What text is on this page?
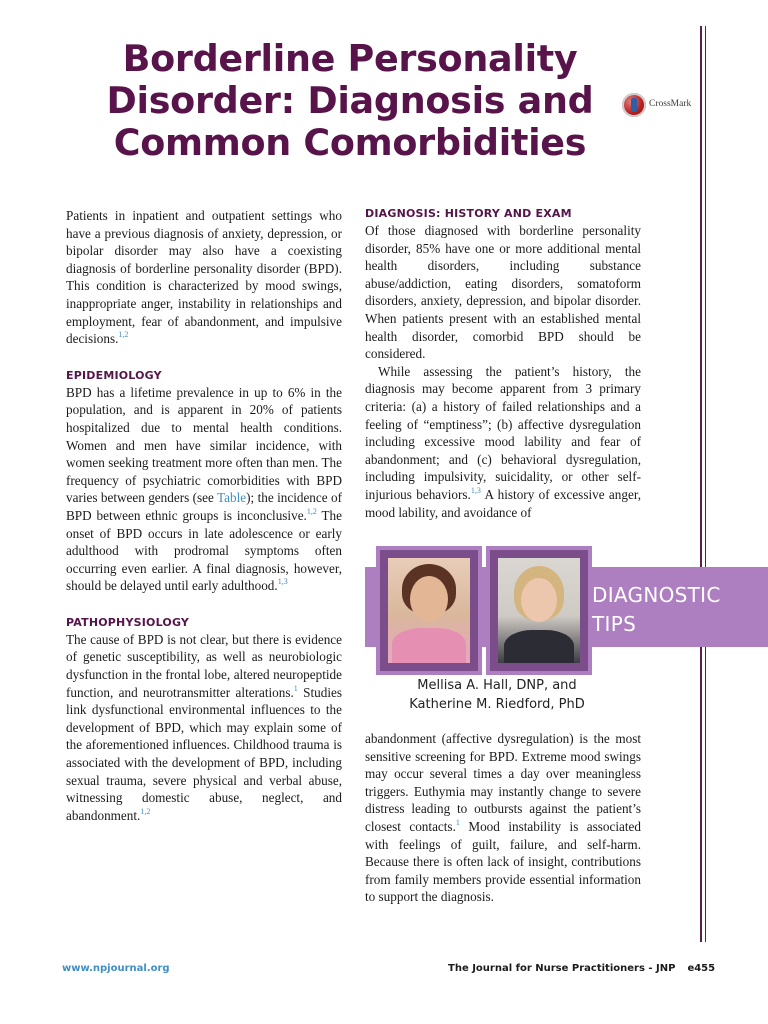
Borderline Personality
Disorder: Diagnosis and
Common Comorbidities
CrossMark

Patients in inpatient and outpatient settings who have a previous diagnosis of anxiety, depression, or bipolar disorder may also have a coexisting diagnosis of borderline personality disorder (BPD). This condition is characterized by mood swings, inappropriate anger, instability in relationships and employment, fear of abandonment, and impulsive decisions.$^{1,2}$

EPIDEMIOLOGY

BPD has a lifetime prevalence in up to 6% in the population, and is apparent in 20% of patients hospitalized due to mental health conditions. Women and men have similar incidence, with women seeking treatment more often than men. The frequency of psychiatric comorbidities with BPD varies between genders (see Table); the incidence of BPD between ethnic groups is inconclusive.$^{1,2}$ The onset of BPD occurs in late adolescence or early adulthood with prodromal symptoms often occurring even earlier. A final diagnosis, however, should be delayed until early adulthood.$^{1,3}$

PATHOPHYSIOLOGY

The cause of BPD is not clear, but there is evidence of genetic susceptibility, as well as neurobiologic dysfunction in the frontal lobe, altered neuropeptide function, and neurotransmitter alterations.$^1$ Studies link dysfunctional environmental influences to the development of BPD, which may explain some of the aforementioned influences. Childhood trauma is associated with the development of BPD, including sexual trauma, severe physical and verbal abuse, witnessing domestic abuse, neglect, and abandonment.$^{1,2}$

DIAGNOSIS: HISTORY AND EXAM

Of those diagnosed with borderline personality disorder, 85% have one or more additional mental health disorders, including substance abuse/addiction, eating disorders, somatoform disorders, anxiety, depression, and bipolar disorder. When patients present with an established mental health disorder, comorbid BPD should be considered.

While assessing the patient’s history, the diagnosis may become apparent from 3 primary criteria: (a) a history of failed relationships and a feeling of “emptiness”; (b) affective dysregulation including excessive mood lability and fear of abandonment; and (c) behavioral dysregulation, including impulsivity, suicidality, or other self-injurious behaviors.$^{1,3}$ A history of excessive anger, mood lability, and avoidance of

DIAGNOSTIC
TIPS
Mellisa A. Hall, DNP, and
Katherine M. Riedford, PhD

abandonment (affective dysregulation) is the most sensitive screening for BPD. Extreme mood swings may occur several times a day over meaningless triggers. Euthymia may instantly change to severe distress leading to outbursts against the patient’s closest contacts.$^1$ Mood instability is associated with feelings of guilt, failure, and self-harm. Because there is often lack of insight, contributions from family members provide essential information to support the diagnosis.

www.npjournal.org	The Journal for Nurse Practitioners - JNP e455
